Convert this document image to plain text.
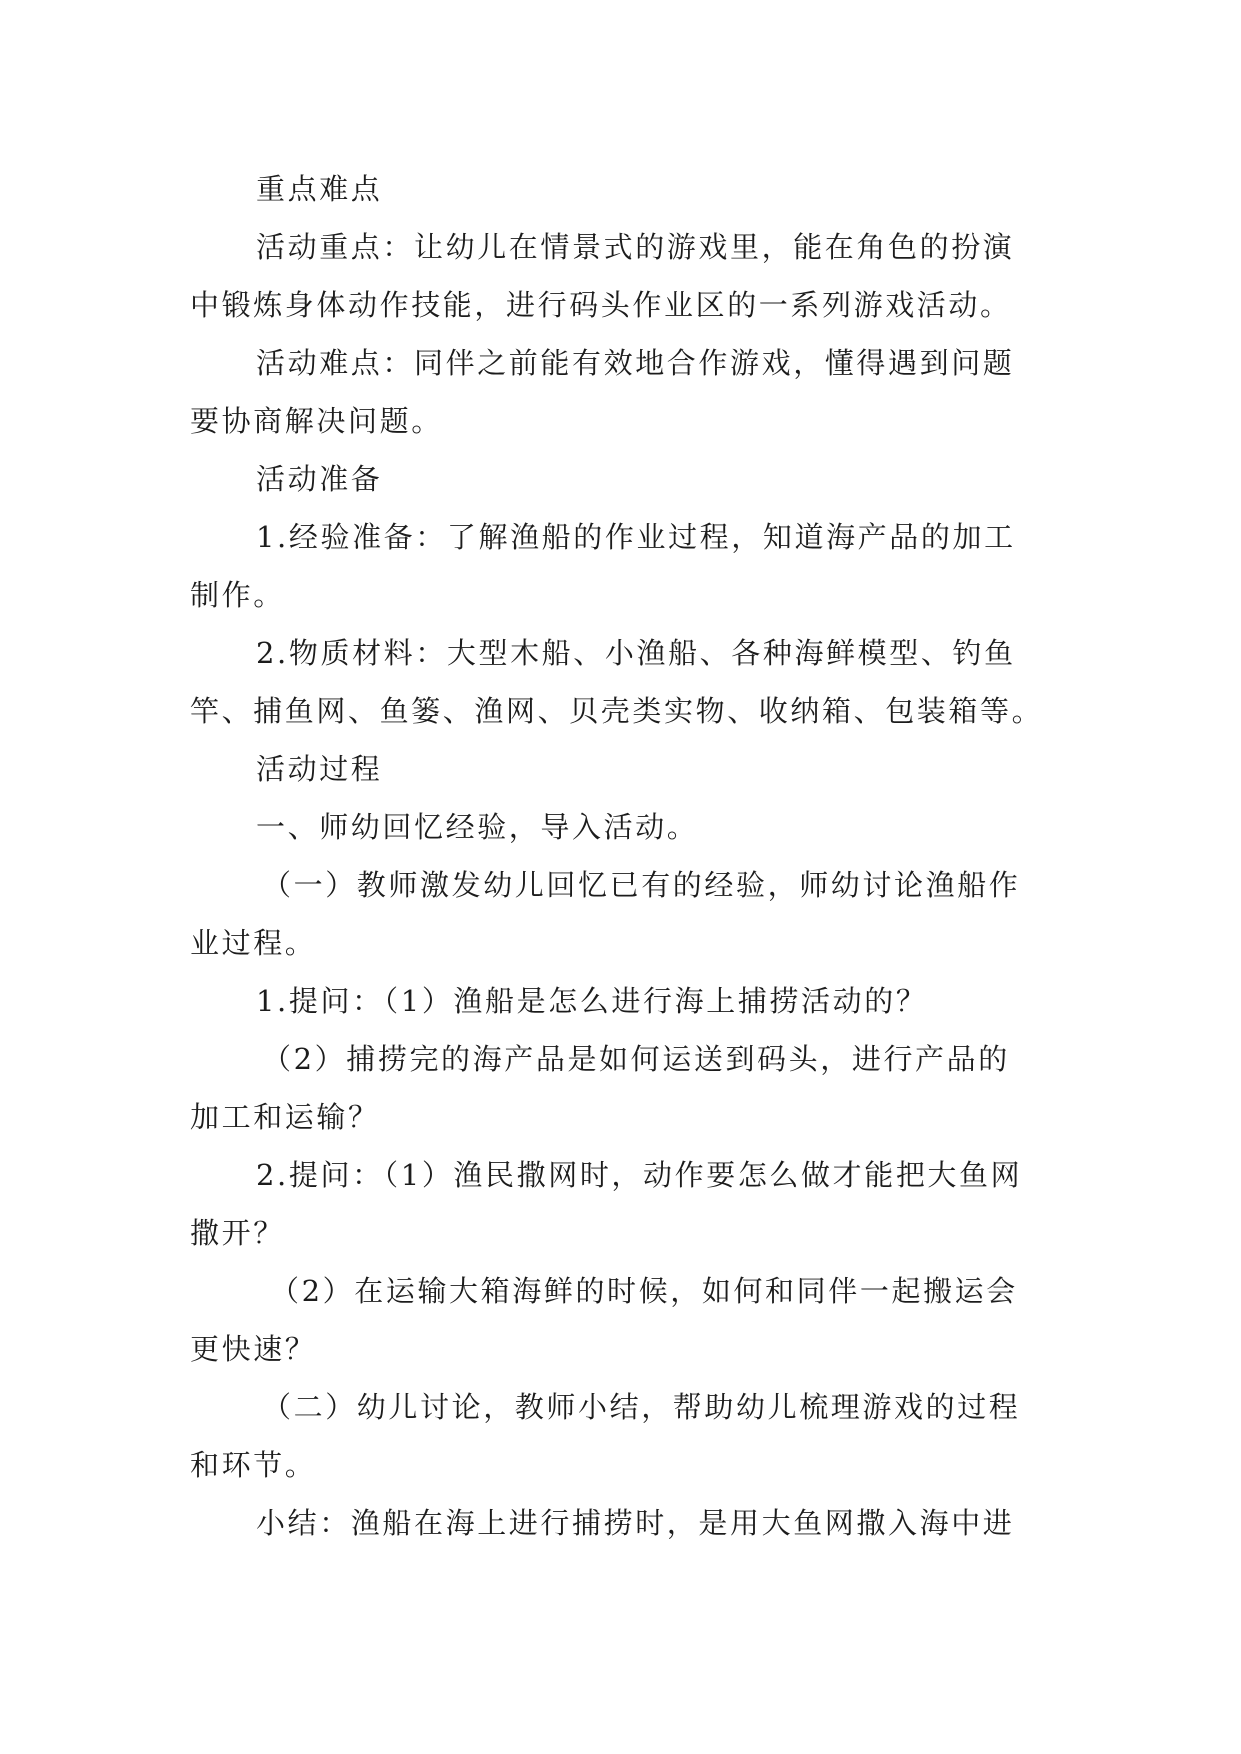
重点难点
活动重点：让幼儿在情景式的游戏里，能在角色的扮演
中锻炼身体动作技能，进行码头作业区的一系列游戏活动。
活动难点：同伴之前能有效地合作游戏，懂得遇到问题
要协商解决问题。
活动准备
1.经验准备：了解渔船的作业过程，知道海产品的加工
制作。
2.物质材料：大型木船、小渔船、各种海鲜模型、钓鱼
竿、捕鱼网、鱼篓、渔网、贝壳类实物、收纳箱、包装箱等。
活动过程
一、师幼回忆经验，导入活动。
（一）教师激发幼儿回忆已有的经验，师幼讨论渔船作
业过程。
1.提问：（1）渔船是怎么进行海上捕捞活动的？
（2）捕捞完的海产品是如何运送到码头，进行产品的
加工和运输？
2.提问：（1）渔民撒网时，动作要怎么做才能把大鱼网
撒开？
（2）在运输大箱海鲜的时候，如何和同伴一起搬运会
更快速？
（二）幼儿讨论，教师小结，帮助幼儿梳理游戏的过程
和环节。
小结：渔船在海上进行捕捞时，是用大鱼网撒入海中进
